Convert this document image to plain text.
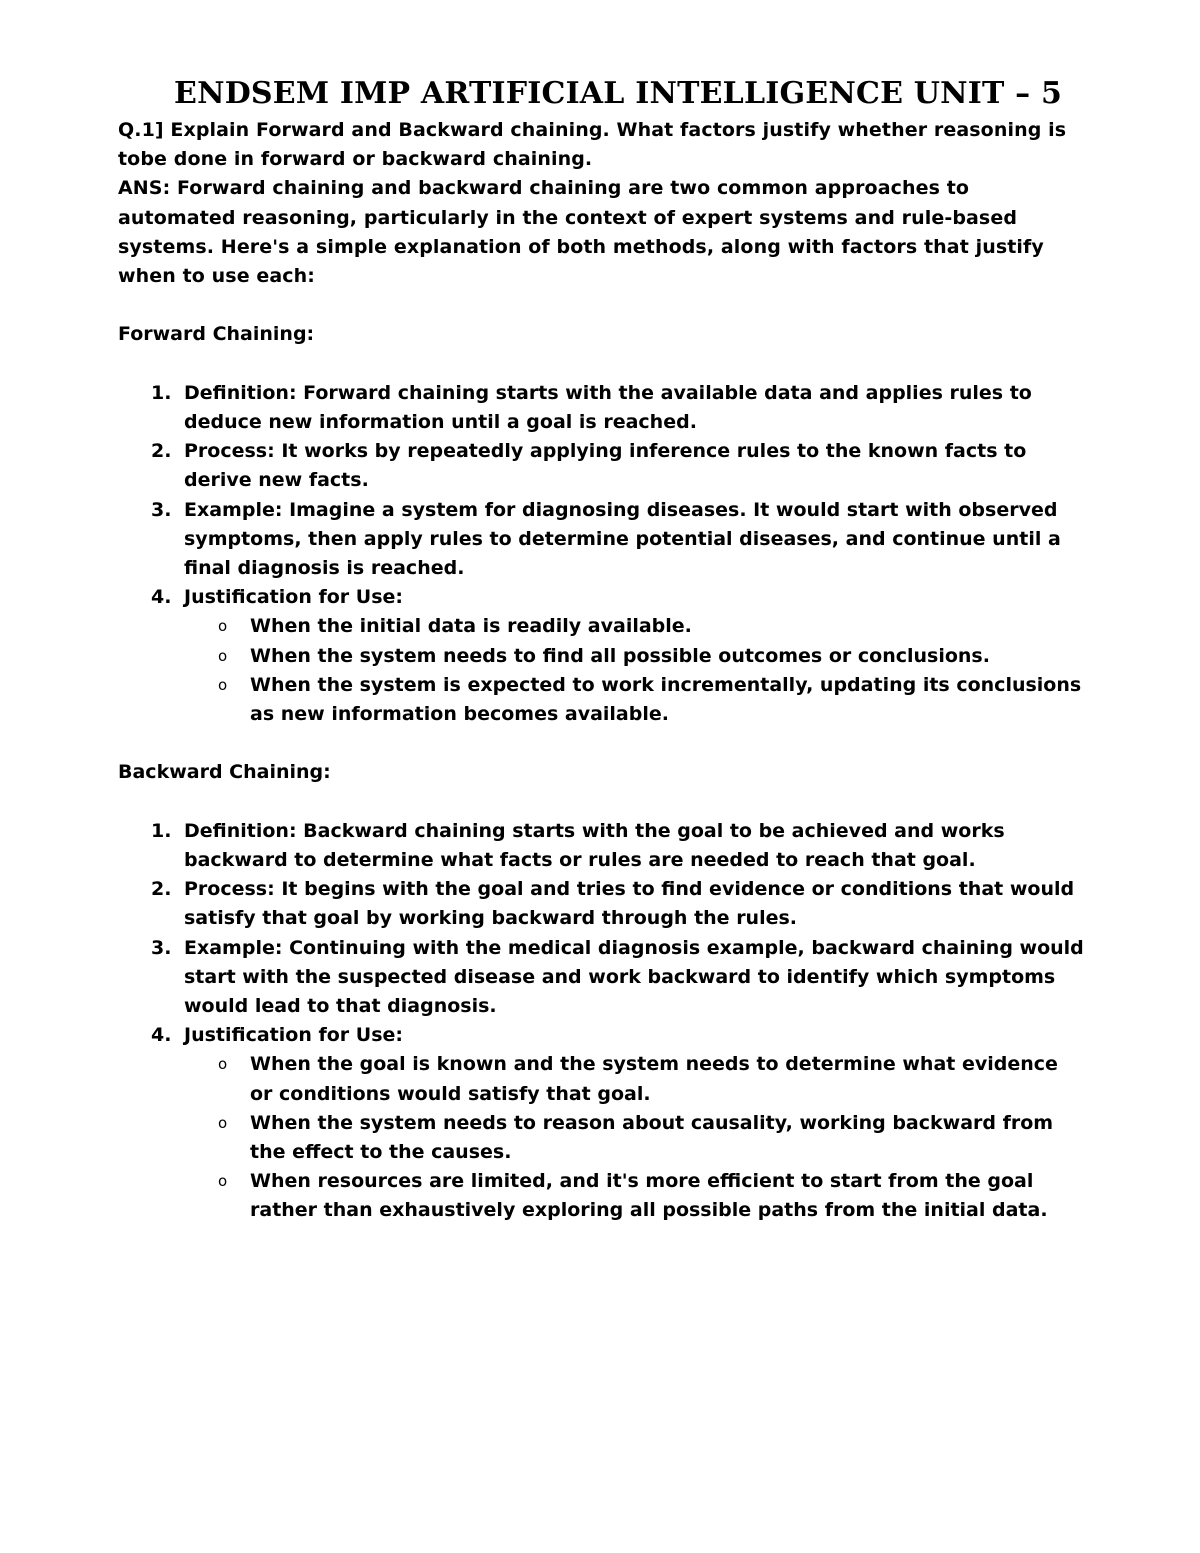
ENDSEM IMP ARTIFICIAL INTELLIGENCE UNIT – 5

Q.1] Explain Forward and Backward chaining. What factors justify whether reasoning is tobe done in forward or backward chaining.

ANS: Forward chaining and backward chaining are two common approaches to automated reasoning, particularly in the context of expert systems and rule-based systems. Here's a simple explanation of both methods, along with factors that justify when to use each:

Forward Chaining:

1. Definition: Forward chaining starts with the available data and applies rules to deduce new information until a goal is reached.
2. Process: It works by repeatedly applying inference rules to the known facts to derive new facts.
3. Example: Imagine a system for diagnosing diseases. It would start with observed symptoms, then apply rules to determine potential diseases, and continue until a final diagnosis is reached.
4. Justification for Use:
o When the initial data is readily available.
o When the system needs to find all possible outcomes or conclusions.
o When the system is expected to work incrementally, updating its conclusions as new information becomes available.

Backward Chaining:

1. Definition: Backward chaining starts with the goal to be achieved and works backward to determine what facts or rules are needed to reach that goal.
2. Process: It begins with the goal and tries to find evidence or conditions that would satisfy that goal by working backward through the rules.
3. Example: Continuing with the medical diagnosis example, backward chaining would start with the suspected disease and work backward to identify which symptoms would lead to that diagnosis.
4. Justification for Use:
o When the goal is known and the system needs to determine what evidence or conditions would satisfy that goal.
o When the system needs to reason about causality, working backward from the effect to the causes.
o When resources are limited, and it's more efficient to start from the goal rather than exhaustively exploring all possible paths from the initial data.
